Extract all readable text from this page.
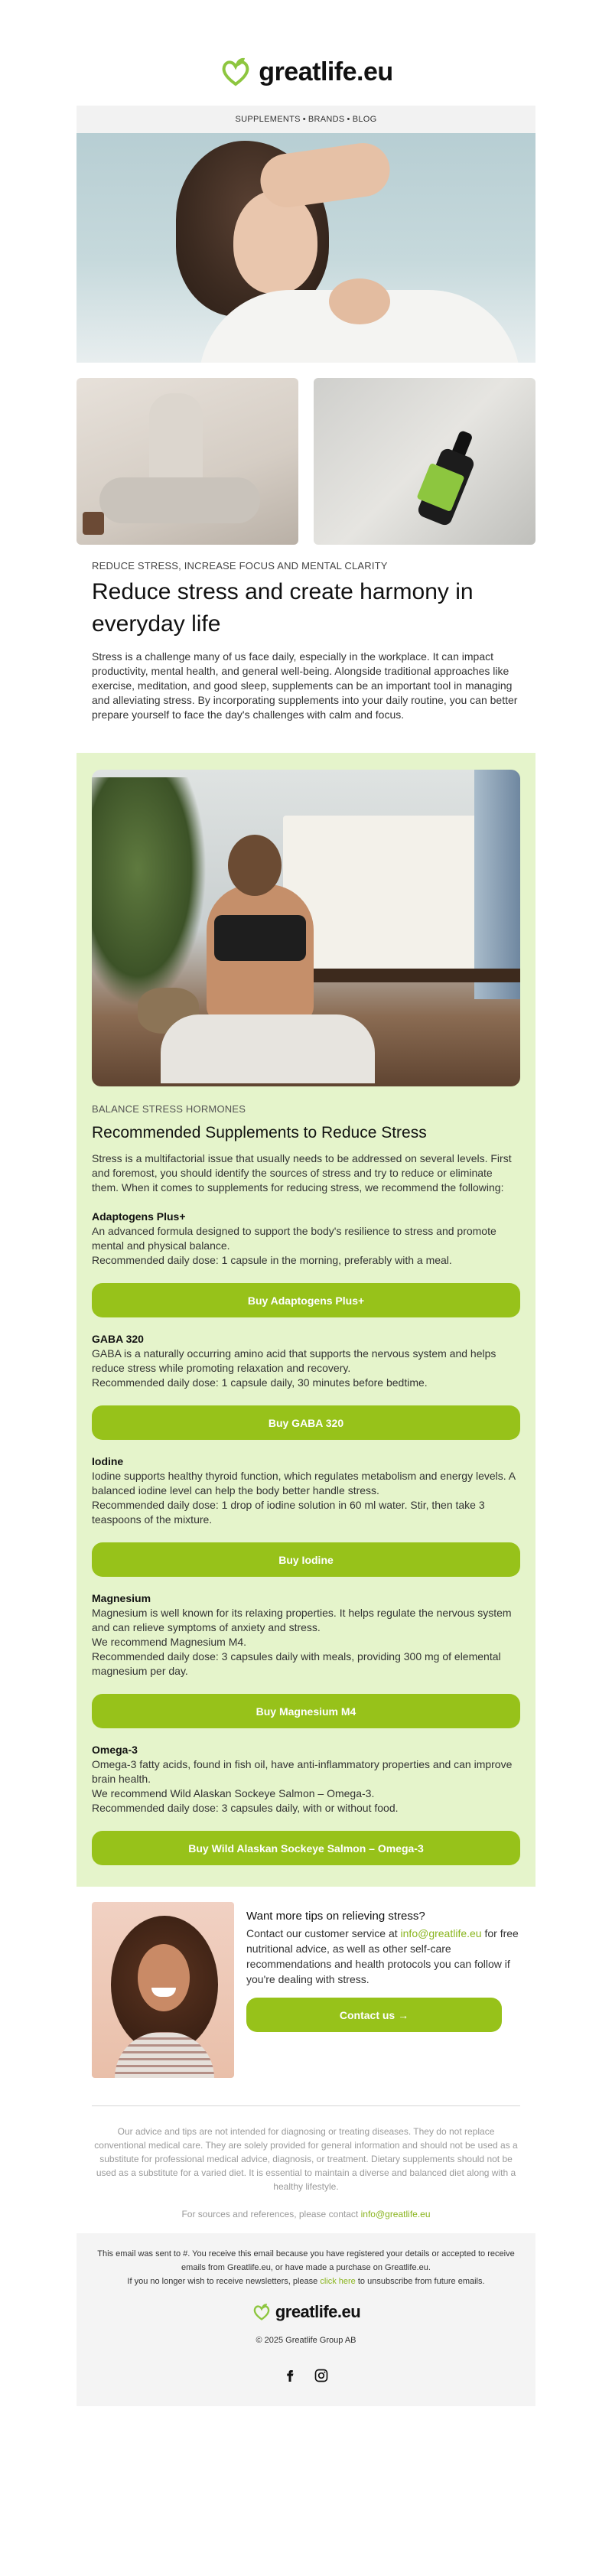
greatlife.eu
SUPPLEMENTS • BRANDS • BLOG
REDUCE STRESS, INCREASE FOCUS AND MENTAL CLARITY
Reduce stress and create harmony in everyday life

Stress is a challenge many of us face daily, especially in the workplace. It can impact productivity, mental health, and general well-being. Alongside traditional approaches like exercise, meditation, and good sleep, supplements can be an important tool in managing and alleviating stress. By incorporating supplements into your daily routine, you can better prepare yourself to face the day's challenges with calm and focus.

BALANCE STRESS HORMONES
Recommended Supplements to Reduce Stress

Stress is a multifactorial issue that usually needs to be addressed on several levels. First and foremost, you should identify the sources of stress and try to reduce or eliminate them. When it comes to supplements for reducing stress, we recommend the following:

Adaptogens Plus+
An advanced formula designed to support the body's resilience to stress and promote mental and physical balance.
Recommended daily dose: 1 capsule in the morning, preferably with a meal.
Buy Adaptogens Plus+
GABA 320
GABA is a naturally occurring amino acid that supports the nervous system and helps reduce stress while promoting relaxation and recovery.
Recommended daily dose: 1 capsule daily, 30 minutes before bedtime.
Buy GABA 320
Iodine
Iodine supports healthy thyroid function, which regulates metabolism and energy levels. A balanced iodine level can help the body better handle stress.
Recommended daily dose: 1 drop of iodine solution in 60 ml water. Stir, then take 3 teaspoons of the mixture.
Buy Iodine
Magnesium
Magnesium is well known for its relaxing properties. It helps regulate the nervous system and can relieve symptoms of anxiety and stress.
We recommend Magnesium M4.
Recommended daily dose: 3 capsules daily with meals, providing 300 mg of elemental magnesium per day.
Buy Magnesium M4
Omega-3
Omega-3 fatty acids, found in fish oil, have anti-inflammatory properties and can improve brain health.
We recommend Wild Alaskan Sockeye Salmon – Omega-3.
Recommended daily dose: 3 capsules daily, with or without food.
Buy Wild Alaskan Sockeye Salmon – Omega-3
Want more tips on relieving stress?
Contact our customer service at info@greatlife.eu for free nutritional advice, as well as other self-care recommendations and health protocols you can follow if you're dealing with stress.
Contact us →

Our advice and tips are not intended for diagnosing or treating diseases. They do not replace conventional medical care. They are solely provided for general information and should not be used as a substitute for professional medical advice, diagnosis, or treatment. Dietary supplements should not be used as a substitute for a varied diet. It is essential to maintain a diverse and balanced diet along with a healthy lifestyle.

For sources and references, please contact info@greatlife.eu

This email was sent to #. You receive this email because you have registered your details or accepted to receive emails from Greatlife.eu, or have made a purchase on Greatlife.eu.

If you no longer wish to receive newsletters, please click here to unsubscribe from future emails.

greatlife.eu

© 2025 Greatlife Group AB
